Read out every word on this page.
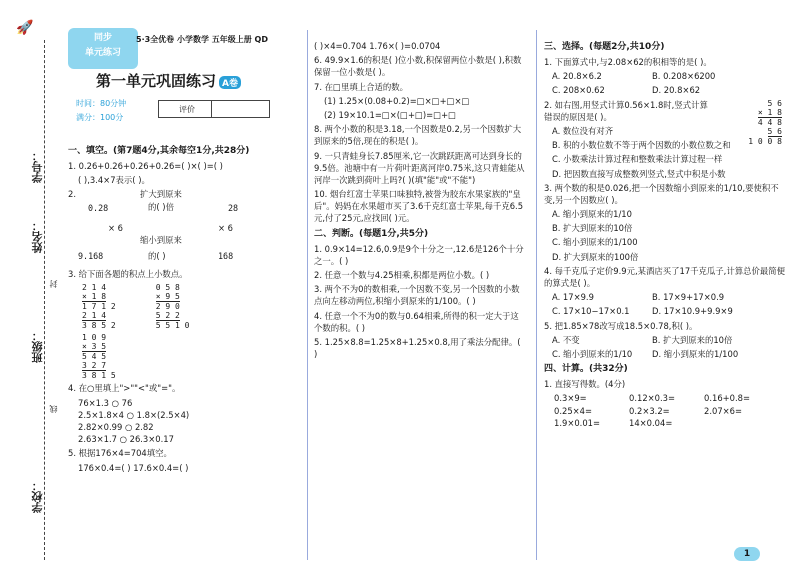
🚀
学校：
班级：
姓名：
学号：
线
封
同步
单元练习
5·3全优卷 小学数学 五年级上册 QD
第一单元巩固练习 A卷
时间：80分钟
满分：100分
评价
一、填空。(第7题4分,其余每空1分,共28分)
1. 0.26+0.26+0.26+0.26=( )×( )=( )
( ),3.4×7表示( )。
2.	扩大到原来
的( )倍
0.28	28
× 6	× 6
缩小到原来
9.168	的( )	168
3. 给下面各题的积点上小数点。
2 1 4
× 1 8
1 7 1 2
2 1 4
3 8 5 2
0 5 8
× 9 5
2 9 0
5 2 2
5 5 1 0
1 0 9
× 3 5
5 4 5
3 2 7
3 8 1 5
4. 在○里填上">""<"或"="。
76×1.3 ○ 76
2.5×1.8×4 ○ 1.8×(2.5×4)
2.82×0.99 ○ 2.82
2.63×1.7 ○ 26.3×0.17
5. 根据176×4=704填空。
176×0.4=( ) 17.6×0.4=( )
( )×4=0.704 1.76×( )=0.0704
6. 49.9×1.6的积是( )位小数,积保留两位小数是( ),积数保留一位小数是( )。
7. 在□里填上合适的数。
(1) 1.25×(0.08+0.2)=□×□+□×□
(2) 19×10.1=□×(□+□)=□+□
8. 两个小数的积是3.18,一个因数是0.2,另一个因数扩大到原来的5倍,现在的积是( )。
9. 一只青蛙身长7.85厘米,它一次跳跃距离可达到身长的9.5倍。池塘中有一片荷叶距离河岸0.75米,这只青蛙能从河岸一次跳到荷叶上吗?( )(填"能"或"不能")
10. 烟台红富士苹果口味独特,被誉为胶东水果家族的"皇后"。妈妈在水果超市买了3.6千克红富士苹果,每千克6.5元,付了25元,应找回( )元。
二、判断。(每题1分,共5分)
1. 0.9×14=12.6,0.9是9个十分之一,12.6是126个十分之一。( )
2. 任意一个数与4.25相乘,积都是两位小数。( )
3. 两个不为0的数相乘,一个因数不变,另一个因数的小数点向左移动两位,积缩小到原来的1/100。( )
4. 任意一个不为0的数与0.64相乘,所得的积一定大于这个数的积。( )
5. 1.25×8.8=1.25×8+1.25×0.8,用了乘法分配律。( )
三、选择。(每题2分,共10分)
1. 下面算式中,与2.08×62的积相等的是( )。
A. 20.8×6.2	B. 0.208×6200
C. 208×0.62	D. 20.8×62
2. 如右图,用竖式计算0.56×1.8时,竖式计算错误的原因是( )。
5 6
× 1 8
4 4 8
5 6
1 0 0 8
A. 数位没有对齐
B. 积的小数位数不等于两个因数的小数位数之和
C. 小数乘法计算过程和整数乘法计算过程一样
D. 把因数直接写成整数列竖式,竖式中积是小数
3. 两个数的积是0.026,把一个因数缩小到原来的1/10,要使积不变,另一个因数应( )。
A. 缩小到原来的1/10
B. 扩大到原来的10倍
C. 缩小到原来的1/100
D. 扩大到原来的100倍
4. 每千克瓜子定价9.9元,某酒店买了17千克瓜子,计算总价最简便的算式是( )。
A. 17×9.9	B. 17×9+17×0.9
C. 17×10−17×0.1	D. 17×10.9+9.9×9
5. 把1.85×78改写成18.5×0.78,积( )。
A. 不变	B. 扩大到原来的10倍
C. 缩小到原来的1/10 D. 缩小到原来的1/100
四、计算。(共32分)
1. 直接写得数。(4分)
0.3×9=	0.12×0.3=	0.16+0.8=
0.25×4=	0.2×3.2=	2.07×6=
1.9×0.01=	14×0.04=
1
